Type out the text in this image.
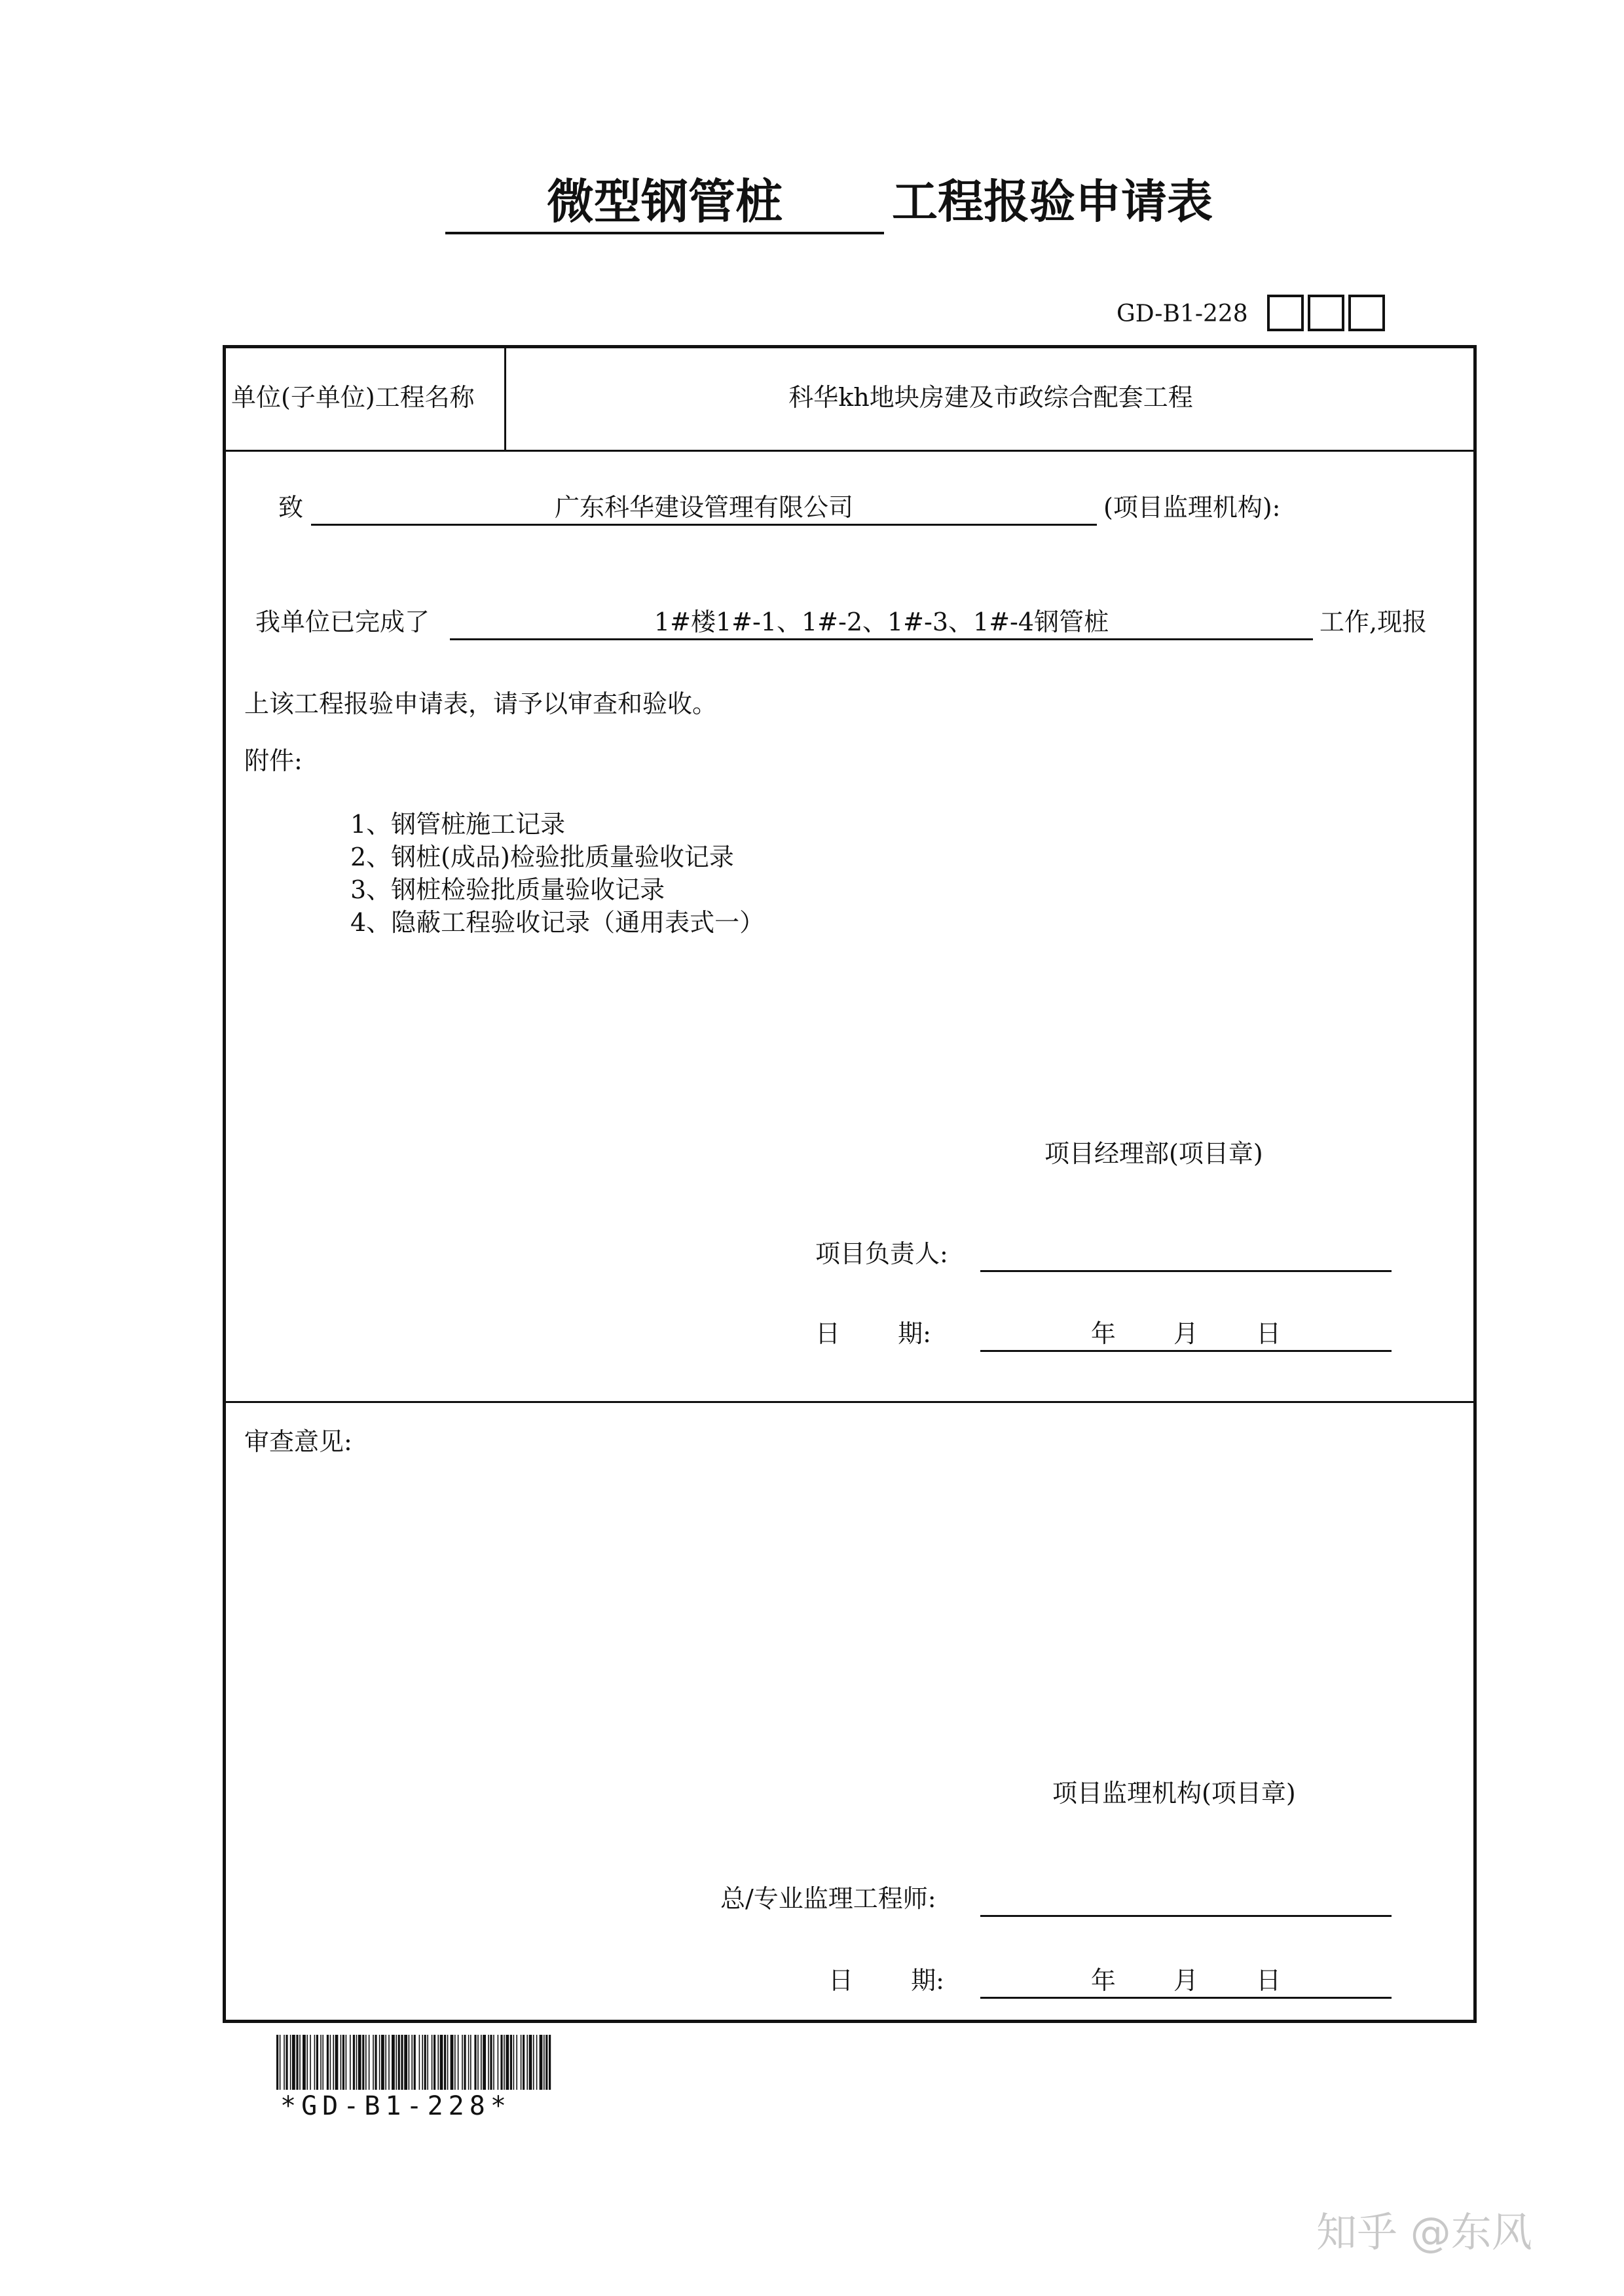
微型钢管桩	工程报验申请表
GD-B1-228
单位(子单位)工程名称	科华kh地块房建及市政综合配套工程
致	广东科华建设管理有限公司	(项目监理机构):
我单位已完成了	1#楼1#-1、1#-2、1#-3、1#-4钢管桩	工作,现报
上该工程报验申请表，请予以审查和验收。
附件:
1、钢管桩施工记录
2、钢桩(成品)检验批质量验收记录
3、钢桩检验批质量验收记录
4、隐蔽工程验收记录（通用表式一）
项目经理部(项目章)
项目负责人:
日　　 期:	年　　 月　　 日
审查意见:
项目监理机构(项目章)
总/专业监理工程师:
日　　 期:	年　　 月　　 日
*GD-B1-228*
知乎 @东风
